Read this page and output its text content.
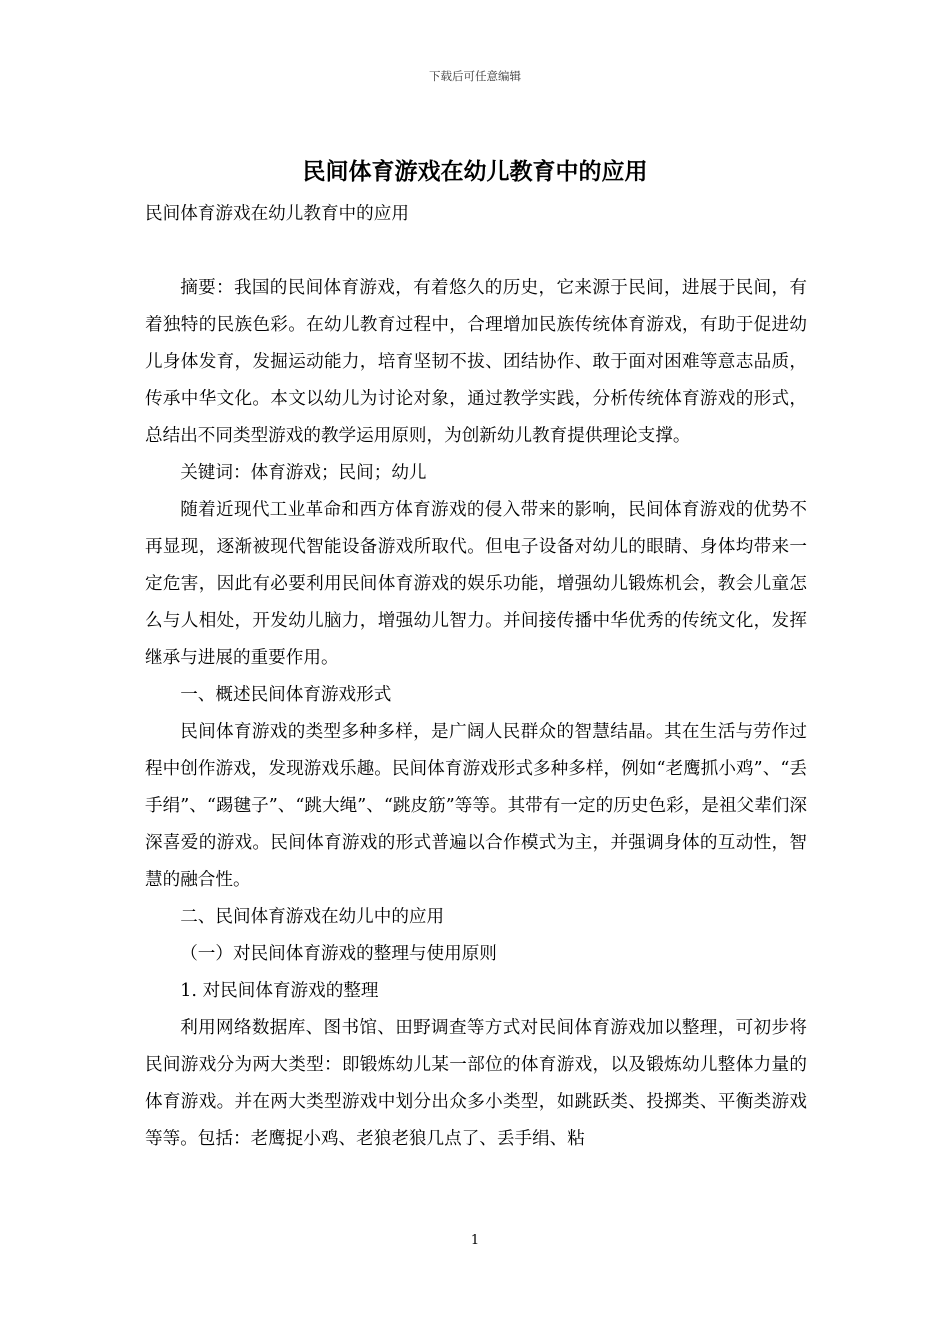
下载后可任意编辑
民间体育游戏在幼儿教育中的应用

民间体育游戏在幼儿教育中的应用

摘要：我国的民间体育游戏，有着悠久的历史，它来源于民间，进展于民间，有着独特的民族色彩。在幼儿教育过程中，合理增加民族传统体育游戏，有助于促进幼儿身体发育，发掘运动能力，培育坚韧不拔、团结协作、敢于面对困难等意志品质，传承中华文化。本文以幼儿为讨论对象，通过教学实践，分析传统体育游戏的形式，总结出不同类型游戏的教学运用原则，为创新幼儿教育提供理论支撑。

关键词：体育游戏；民间；幼儿

随着近现代工业革命和西方体育游戏的侵入带来的影响，民间体育游戏的优势不再显现，逐渐被现代智能设备游戏所取代。但电子设备对幼儿的眼睛、身体均带来一定危害，因此有必要利用民间体育游戏的娱乐功能，增强幼儿锻炼机会，教会儿童怎么与人相处，开发幼儿脑力，增强幼儿智力。并间接传播中华优秀的传统文化，发挥继承与进展的重要作用。

一、概述民间体育游戏形式

民间体育游戏的类型多种多样，是广阔人民群众的智慧结晶。其在生活与劳作过程中创作游戏，发现游戏乐趣。民间体育游戏形式多种多样，例如“老鹰抓小鸡”、“丢手绢”、“踢毽子”、“跳大绳”、“跳皮筋”等等。其带有一定的历史色彩，是祖父辈们深深喜爱的游戏。民间体育游戏的形式普遍以合作模式为主，并强调身体的互动性，智慧的融合性。

二、民间体育游戏在幼儿中的应用

（一）对民间体育游戏的整理与使用原则

1. 对民间体育游戏的整理

利用网络数据库、图书馆、田野调查等方式对民间体育游戏加以整理，可初步将民间游戏分为两大类型：即锻炼幼儿某一部位的体育游戏，以及锻炼幼儿整体力量的体育游戏。并在两大类型游戏中划分出众多小类型，如跳跃类、投掷类、平衡类游戏等等。包括：老鹰捉小鸡、老狼老狼几点了、丢手绢、粘

1
